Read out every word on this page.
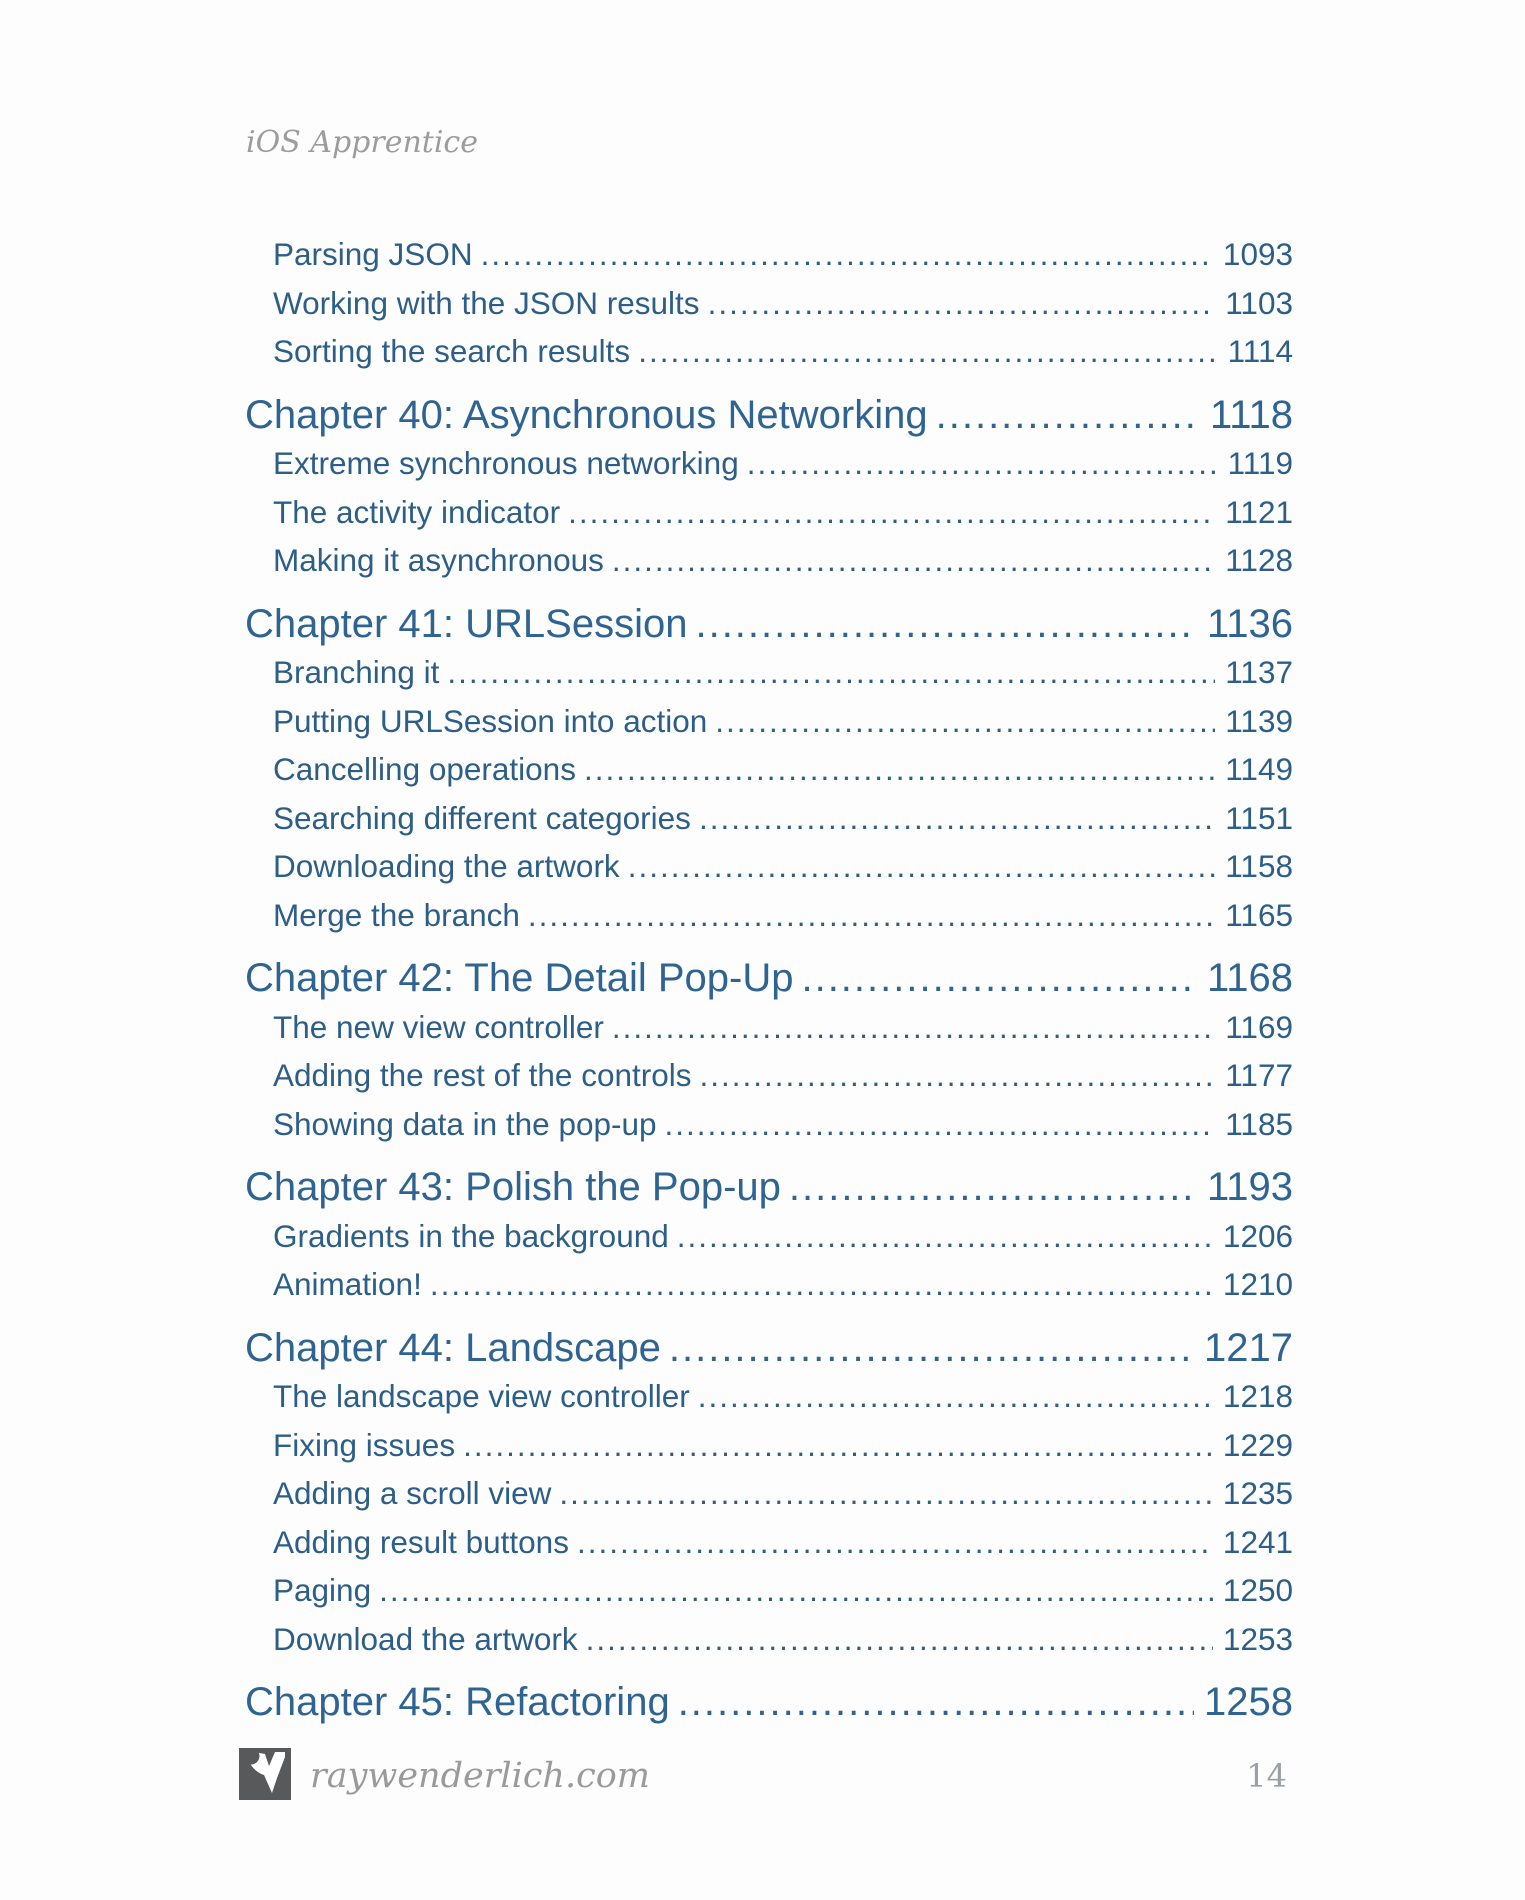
iOS Apprentice
Parsing JSON .....	1093
Working with the JSON results .....	1103
Sorting the search results .....	1114
Chapter 40: Asynchronous Networking .....	1118
Extreme synchronous networking .....	1119
The activity indicator .....	1121
Making it asynchronous .....	1128
Chapter 41: URLSession .....	1136
Branching it .....	1137
Putting URLSession into action .....	1139
Cancelling operations .....	1149
Searching different categories .....	1151
Downloading the artwork .....	1158
Merge the branch .....	1165
Chapter 42: The Detail Pop-Up .....	1168
The new view controller .....	1169
Adding the rest of the controls .....	1177
Showing data in the pop-up .....	1185
Chapter 43: Polish the Pop-up .....	1193
Gradients in the background .....	1206
Animation! .....	1210
Chapter 44: Landscape .....	1217
The landscape view controller .....	1218
Fixing issues .....	1229
Adding a scroll view .....	1235
Adding result buttons .....	1241
Paging .....	1250
Download the artwork .....	1253
Chapter 45: Refactoring .....	1258
raywenderlich.com	14
